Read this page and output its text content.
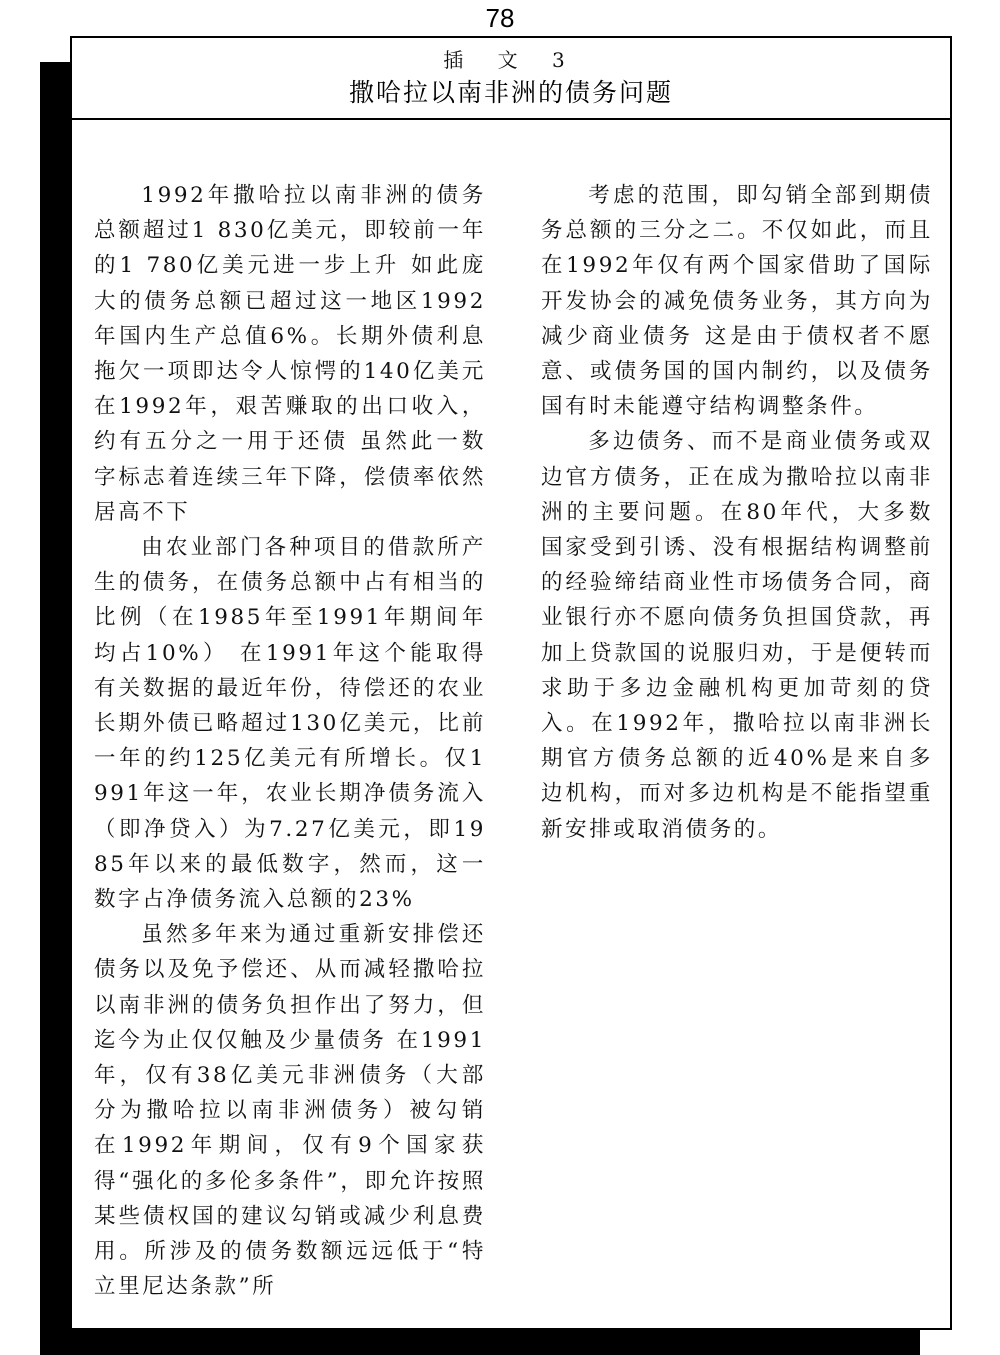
78
插 文 3
撒哈拉以南非洲的债务问题

1992年撒哈拉以南非洲的债务总额超过1 830亿美元，即较前一年的1 780亿美元进一步上升 如此庞大的债务总额已超过这一地区1992年国内生产总值6%。长期外债利息拖欠一项即达令人惊愕的140亿美元 在1992年，艰苦赚取的出口收入，约有五分之一用于还债 虽然此一数字标志着连续三年下降，偿债率依然居高不下

由农业部门各种项目的借款所产生的债务，在债务总额中占有相当的比例（在1985年至1991年期间年均占10%） 在1991年这个能取得有关数据的最近年份，待偿还的农业长期外债已略超过130亿美元，比前一年的约125亿美元有所增长。仅1991年这一年，农业长期净债务流入（即净贷入）为7.27亿美元，即1985年以来的最低数字，然而，这一数字占净债务流入总额的23%

虽然多年来为通过重新安排偿还债务以及免予偿还、从而减轻撒哈拉以南非洲的债务负担作出了努力，但迄今为止仅仅触及少量债务 在1991年，仅有38亿美元非洲债务（大部分为撒哈拉以南非洲债务）被勾销 在1992年期间，仅有9个国家获得“强化的多伦多条件”，即允许按照某些债权国的建议勾销或减少利息费用。所涉及的债务数额远远低于“特立里尼达条款”所

考虑的范围，即勾销全部到期债务总额的三分之二。不仅如此，而且在1992年仅有两个国家借助了国际开发协会的减免债务业务，其方向为减少商业债务 这是由于债权者不愿意、或债务国的国内制约，以及债务国有时未能遵守结构调整条件。

多边债务、而不是商业债务或双边官方债务，正在成为撒哈拉以南非洲的主要问题。在80年代，大多数国家受到引诱、没有根据结构调整前的经验缔结商业性市场债务合同，商业银行亦不愿向债务负担国贷款，再加上贷款国的说服归劝，于是便转而求助于多边金融机构更加苛刻的贷入。在1992年，撒哈拉以南非洲长期官方债务总额的近40%是来自多边机构，而对多边机构是不能指望重新安排或取消债务的。
